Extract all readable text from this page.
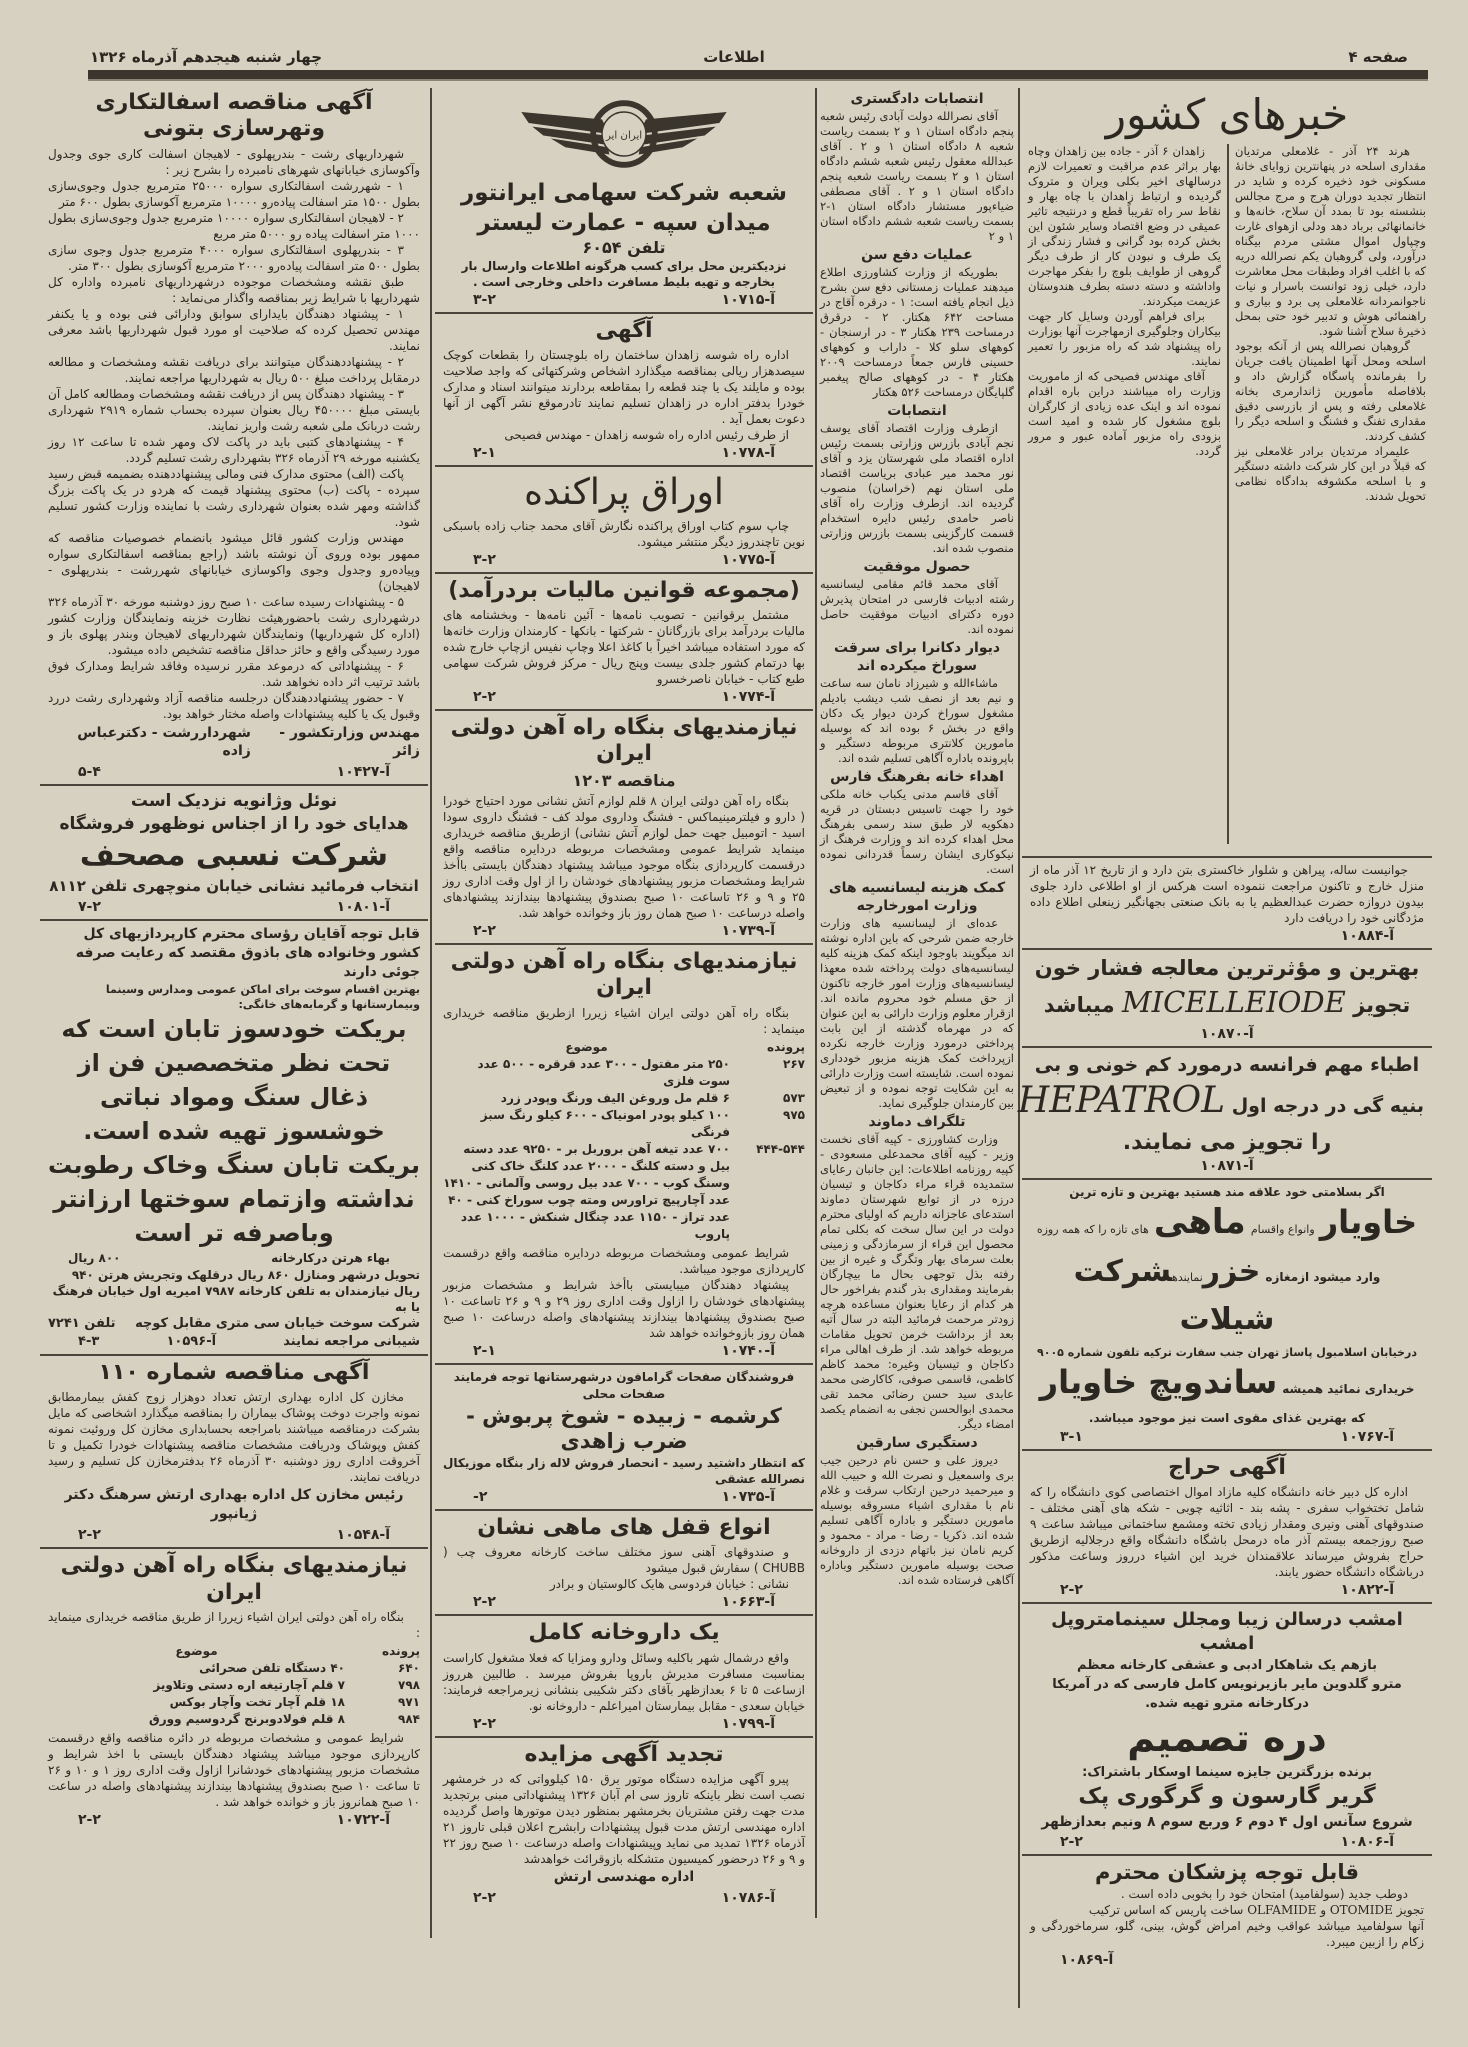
صفحه ۴
اطلاعات
چهار شنبه هیجدهم آذرماه ۱۳۲۶
خبرهای کشور

هرند ۲۴ آذر - غلامعلی مرتدیان مقداری اسلحه در پنهانترین زوایای خانهٔ مسکونی خود ذخیره کرده و شاید در انتظار تجدید دوران هرج و مرج مجالس بنشسته بود تا بمدد آن سلاح، خانه‌ها و خانمانهائی برباد دهد ودلی ازهوای غارت وچپاول اموال مشتی مردم بیگناه درآورد، ولی گروهبان یکم نصرالله دریه که با اغلب افراد وطبقات محل معاشرت دارد، خیلی زود توانست باسرار و نیات ناجوانمردانه غلامعلی پی برد و بیاری و راهنمائی هوش و تدبیر خود حتی بمحل ذخیرهٔ سلاح آشنا شود.

گروهبان نصرالله پس از آنکه بوجود اسلحه ومحل آنها اطمینان یافت جریان را بفرمانده پاسگاه گزارش داد و بلافاصله مأمورین ژاندارمری بخانه غلامعلی رفته و پس از بازرسی دقیق مقداری تفنگ و فشنگ و اسلحه دیگر را کشف کردند.

علیمراد مرتدیان برادر غلامعلی نیز که قبلاً در این کار شرکت داشته دستگیر و با اسلحه مکشوفه بدادگاه نظامی تحویل شدند.

زاهدان ۶ آذر - جاده بین زاهدان وچاه بهار براثر عدم مراقبت و تعمیرات لازم درسالهای اخیر بکلی ویران و متروک گردیده و ارتباط زاهدان با چاه بهار و نقاط سر راه تقریباً قطع و درنتیجه تاثیر عمیقی در وضع اقتصاد وسایر شئون این بخش کرده بود گرانی و فشار زندگی از یک طرف و نبودن کار از طرف دیگر گروهی از طوایف بلوچ را بفکر مهاجرت واداشته و دسته دسته بطرف هندوستان عزیمت میکردند.

برای فراهم آوردن وسایل کار جهت بیکاران وجلوگیری ازمهاجرت آنها بوزارت راه پیشنهاد شد که راه مزبور را تعمیر نمایند.

آقای مهندس فصیحی که از ماموریت وزارت راه میباشند دراین باره اقدام نموده اند و اینک عده زیادی از کارگران بلوچ مشغول کار شده و امید است بزودی راه مزبور آماده عبور و مرور گردد.

جوانیست ساله، پیراهن و شلوار خاکستری بتن دارد و از تاریخ ۱۲ آذر ماه از منزل خارج و تاکنون مراجعت ننموده است هرکس از او اطلاعی دارد جلوی بیدون دروازه حضرت عبدالعظیم یا به بانک صنعتی بجهانگیر زینعلی اطلاع داده مژدگانی خود را دریافت دارد

آ-۱۰۸۸۴
بهترین و مؤثرترین معالجه فشار خون
تجویز MICELLEIODE میباشد
آ-۱۰۸۷۰
اطباء مهم فرانسه درمورد کم خونی و بی
بنیه گی در درجه اول HEPATROL
را تجویز می نمایند.
آ-۱۰۸۷۱
اگر بسلامتی خود علاقه مند هستید بهترین و تازه ترین
خاویار وانواع واقسام ماهی های تازه را که همه روزه
وارد میشود ازمغازه خزرنمایندهشرکت شیلات
درخیابان اسلامبول پاساژ تهران جنب سفارت ترکیه تلفون شماره ۹۰۰۵
خریداری نمائید همیشه ساندویچ خاویار
که بهترین غذای مقوی است نیز موجود میباشد.
آ-۱۰۷۶۷
۳-۱
آگهی حراج

اداره کل دبیر خانه دانشگاه کلیه مازاد اموال اختصاصی کوی دانشگاه را که شامل تختخواب سفری - پشه بند - اثاثیه چوبی - شکه های آهنی مختلف - صندوقهای آهنی ونیری ومقدار زیادی تخته ومشمع ساختمانی میباشد ساعت ۹ صبح روزجمعه بیستم آذر ماه درمحل باشگاه دانشگاه واقع درجلالیه ازطریق حراج بفروش میرساند علاقمندان خرید این اشیاء درروز وساعت مذکور درباشگاه دانشگاه حضور یابند.

آ-۱۰۸۲۲
۲-۲
امشب درسالن زیبا ومجلل سینمامتروپل امشب
بازهم یک شاهکار ادبی و عشقی کارخانه معظم
مترو گلدوین مایر بازیرنویس کامل فارسی که در آمریکا
درکارخانه مترو تهیه شده.
دره تصمیم
برنده بزرگترین جایزه سینما اوسکار باشتراک:
گریر گارسون و گرگوری پک
شروع سآنس اول ۴ دوم ۶ وربع سوم ۸ ونیم بعدازظهر
آ-۱۰۸۰۶
۲-۲
قابل توجه پزشکان محترم
دوطب جدید (سولفامید) امتحان خود را بخوبی داده است .
تجویز OTOMIDE و OLFAMIDE ساخت پاریس که اساس ترکیب
آنها سولفامید میباشد عواقب وخیم امراض گوش، بینی، گلو، سرماخوردگی و زکام را ازبین میبرد.
آ-۱۰۸۶۹
انتصابات دادگستری

آقای نصرالله دولت آبادی رئیس شعبه پنجم دادگاه استان ۱ و ۲ بسمت ریاست شعبه ۸ دادگاه استان ۱ و ۲ . آقای عبدالله معقول رئیس شعبه ششم دادگاه استان ۱ و ۲ بسمت ریاست شعبه پنجم دادگاه استان ۱ و ۲ . آقای مصطفی ضیاءپور مستشار دادگاه استان ۱-۲ بسمت ریاست شعبه ششم دادگاه استان ۱ و ۲

عملیات دفع سن

بطوریکه از وزارت کشاورزی اطلاع میدهند عملیات زمستانی دفع سن بشرح ذیل انجام یافته است: ۱ - درقره آقاج در مساحت ۶۴۲ هکتار. ۲ - درقرق درمساحت ۲۳۹ هکتار ۳ - در ارسنجان - کوههای سلو کلا - داراب و کوههای حسینی فارس جمعاً درمساحت ۲۰۰۹ هکتار ۴ - در کوههای صالح پیغمبر گلپایگان درمساحت ۵۲۶ هکتار

انتصابات

ازطرف وزارت اقتصاد آقای یوسف نجم آبادی بازرس وزارتی بسمت رئیس اداره اقتصاد ملی شهرستان یزد و آقای نور محمد میر عبادی بریاست اقتصاد ملی استان نهم (خراسان) منصوب گردیده اند. ازطرف وزارت راه آقای ناصر حامدی رئیس دایره استخدام قسمت کارگزینی بسمت بازرس وزارتی منصوب شده اند.

حصول موفقیت

آقای محمد قائم مقامی لیسانسیه رشته ادبیات فارسی در امتحان پذیرش دوره دکترای ادبیات موفقیت حاصل نموده اند.

دیوار دکانرا برای سرقت سوراخ میکرده اند

ماشاءالله و شیرزاد نامان سه ساعت و نیم بعد از نصف شب دیشب بادیلم مشغول سوراخ کردن دیوار یک دکان واقع در بخش ۶ بوده اند که بوسیله مامورین کلانتری مربوطه دستگیر و باپرونده باداره آگاهی تسلیم شده اند.

اهداء خانه بفرهنگ فارس

آقای قاسم مدنی یکباب خانه ملکی خود را جهت تاسیس دبستان در قریه دهکویه لار طبق سند رسمی بفرهنگ محل اهداء کرده اند و وزارت فرهنگ از نیکوکاری ایشان رسماً قدردانی نموده است.

کمک هزینه لیسانسیه های وزارت امورخارجه

عده‌ای از لیسانسیه های وزارت خارجه ضمن شرحی که باین اداره نوشته اند میگویند باوجود اینکه کمک هزینه کلیه لیسانسیه‌های دولت پرداخته شده معهذا لیسانسیه‌های وزارت امور خارجه تاکنون از حق مسلم خود محروم مانده اند. ازقرار معلوم وزارت دارائی به این عنوان که در مهرماه گذشته از این بابت پرداختی درمورد وزارت خارجه نکرده ازپرداخت کمک هزینه مزبور خودداری نموده است. شایسته است وزارت دارائی به این شکایت توجه نموده و از تبعیض بین کارمندان جلوگیری نماید.

تلگراف دماوند

وزارت کشاورزی - کپیه آقای نخست وزیر - کپیه آقای محمدعلی مسعودی - کپیه روزنامه اطلاعات: این جانبان رعایای ستمدیده قراء مراء دکاجان و تیسیان درزه در از توابع شهرستان دماوند استدعای عاجزانه داریم که اولیای محترم دولت در این سال سخت که بکلی تمام محصول این قراء از سرمازدگی و زمینی بعلت سرمای بهار وتگرگ و غیره از بین رفته بذل توجهی بحال ما بیچارگان بفرمایند ومقداری بذر گندم بفراخور حال هر کدام از رعایا بعنوان مساعده هرچه زودتر مرحمت فرمائید البته در سال آتیه بعد از برداشت خرمن تحویل مقامات مربوطه خواهد شد. از طرف اهالی مراء دکاجان و تیسیان وغیره: محمد کاظم کاظمی، قاسمی صوفی، کاکارضی محمد عابدی سید حسن رضائی محمد تقی محمدی ابوالحسن نجفی به انضمام یکصد امضاء دیگر.

دستگیری سارقین

دیروز علی و حسن نام درحین جیب بری واسمعیل و نصرت الله و حبیب الله و میرحمید درحین ارتکاب سرقت و غلام نام با مقداری اشیاء مسروقه بوسیله مامورین دستگیر و باداره آگاهی تسلیم شده اند. ذکریا - رضا - مراد - محمود و کریم نامان نیز باتهام دزدی از داروخانه صحت بوسیله مامورین دستگیر وباداره آگاهی فرستاده شده اند.

ایران ایر
شعبه شرکت سهامی ایرانتور
میدان سپه - عمارت لیستر
تلفن ۶۰۵۴
نزدیکترین محل برای کسب هرگونه اطلاعات وارسال بار بخارجه و تهیه بلیط مسافرت داخلی وخارجی است .
آ-۱۰۷۱۵
۳-۲
آگهی

اداره راه شوسه زاهدان ساختمان راه بلوچستان را بقطعات کوچک سیصدهزار ریالی بمناقصه میگذارد اشخاص وشرکتهائی که واجد صلاحیت بوده و مایلند یک یا چند قطعه را بمقاطعه بردارند میتوانند اسناد و مدارک خودرا بدفتر اداره در زاهدان تسلیم نمایند تادرموقع نشر آگهی از آنها دعوت بعمل آید .

از طرف رئیس اداره راه شوسه زاهدان - مهندس فصیحی

آ-۱۰۷۷۸
۲-۱
اوراق پراکنده

چاپ سوم کتاب اوراق پراکنده نگارش آقای محمد جناب زاده باسبکی نوین تاچندروز دیگر منتشر میشود.

آ-۱۰۷۷۵
۳-۲
(مجموعه قوانین مالیات بردرآمد)

مشتمل برقوانین - تصویب نامه‌ها - آئین نامه‌ها - وبخشنامه های مالیات بردرآمد برای بازرگانان - شرکتها - بانکها - کارمندان وزارت خانه‌ها که مورد استفاده میباشد اخیراً با کاغذ اعلا وچاپ نفیس ازچاپ خارج شده بها درتمام کشور جلدی بیست وپنج ریال - مرکز فروش شرکت سهامی طبع کتاب - خیابان ناصرخسرو

آ-۱۰۷۷۴
۲-۲
نیازمندیهای بنگاه راه آهن دولتی ایران
مناقصه ۱۲۰۳

بنگاه راه آهن دولتی ایران ۸ قلم لوازم آتش نشانی مورد احتیاج خودرا ( دارو و فیلترمینیماکس - فشنگ وداروی مولد کف - فشنگ داروی سودا اسید - اتومبیل جهت حمل لوازم آتش نشانی) ازطریق مناقصه خریداری مینماید شرایط عمومی ومشخصات مربوطه دردایره مناقصه واقع درقسمت کارپردازی بنگاه موجود میباشد پیشنهاد دهندگان بایستی باأخذ شرایط ومشخصات مزبور پیشنهادهای خودشان را از اول وقت اداری روز ۲۵ و ۹ و ۲۶ تاساعت ۱۰ صبح بصندوق پیشنهادها بیندازند پیشنهادهای واصله درساعت ۱۰ صبح همان روز باز وخوانده خواهد شد.

آ-۱۰۷۳۹
۲-۲
نیازمندیهای بنگاه راه آهن دولتی ایران

بنگاه راه آهن دولتی ایران اشیاء زیررا ازطریق مناقصه خریداری مینماید :

پرونده
موضوع
۲۶۷
۲۵۰ متر مفتول - ۳۰۰ عدد قرقره - ۵۰۰ عدد سوت فلزی
۵۷۳
۶ قلم مل وروغن الیف ورنگ وپودر زرد
۹۷۵
۱۰۰ کیلو پودر امونیاک - ۶۰۰ کیلو رنگ سبز فرنگی
۴۴۴-۵۴۴
۷۰۰ عدد تیغه آهن بروربل بر - ۹۲۵۰ عدد دسته بیل و دسته کلنگ - ۲۰۰۰ عدد کلنگ خاک کنی وسنگ کوب - ۷۰۰ عدد بیل روسی وآلمانی - ۱۴۱۰ عدد آچارپیچ تراورس ومته چوب سوراخ کنی - ۴۰ عدد تراز - ۱۱۵۰ عدد چنگال شنکش - ۱۰۰۰ عدد پاروب

شرایط عمومی ومشخصات مربوطه دردایره مناقصه واقع درقسمت کارپردازی موجود میباشد.

پیشنهاد دهندگان میبایستی باأخذ شرایط و مشخصات مزبور پیشنهادهای خودشان را ازاول وقت اداری روز ۲۹ و ۹ و ۲۶ تاساعت ۱۰ صبح بصندوق پیشنهادها بیندازند پیشنهادهای واصله درساعت ۱۰ صبح همان روز بازوخوانده خواهد شد

آ-۱۰۷۴۰
۲-۱
فروشندگان صفحات گرامافون درشهرستانها توجه فرمایند صفحات محلی
کرشمه - زبیده - شوخ پربوش - ضرب زاهدی
که انتظار داشتید رسید - انحصار فروش لاله زار بنگاه موزیکال نصرالله عشقی
آ-۱۰۷۳۵
۲-
انواع قفل های ماهی نشان

و صندوقهای آهنی سوز مختلف ساخت کارخانه معروف چب ( CHUBB ) سفارش قبول میشود

نشانی : خیابان فردوسی هایک کالوستیان و برادر

آ-۱۰۶۶۳
۲-۲
یک داروخانه کامل

واقع درشمال شهر باکلیه وسائل ودارو ومزایا که فعلا مشغول کاراست بمناسبت مسافرت مدیرش باروپا بفروش میرسد . طالبین هرروز ازساعت ۵ تا ۶ بعدازظهر بآقای دکتر شکیبی بنشانی زیرمراجعه فرمایند: خیابان سعدی - مقابل بیمارستان امیراعلم - داروخانه نو.

آ-۱۰۷۹۹
۲-۲
تجدید آگهی مزایده

پیرو آگهی مزایده دستگاه موتور برق ۱۵۰ کیلوواتی که در خرمشهر نصب است نظر باینکه تاروز سی ام آبان ۱۳۲۶ پیشنهاداتی مبنی برتجدید مدت جهت رفتن مشتریان بخرمشهر بمنظور دیدن موتورها واصل گردیده اداره مهندسی ارتش مدت قبول پیشنهادات رابشرح اعلان قبلی تاروز ۲۱ آذرماه ۱۳۲۶ تمدید می نماید وپیشنهادات واصله درساعت ۱۰ صبح روز ۲۲ و ۹ و ۲۶ درحضور کمیسیون متشکله بازوقرائت خواهدشد

اداره مهندسی ارتش
آ-۱۰۷۸۶
۲-۲
آگهی مناقصه اسفالتکاری وتهرسازی بتونی

شهرداریهای رشت - بندرپهلوی - لاهیجان اسفالت کاری جوی وجدول وآکوسازی خیابانهای شهرهای نامبرده را بشرح زیر :

۱ - شهررشت اسفالتکاری سواره ۲۵۰۰۰ مترمربع جدول وجوی‌سازی بطول ۱۵۰۰ متر اسفالت پیاده‌رو ۱۰۰۰۰ مترمربع آکوسازی بطول ۶۰۰ متر

۲ - لاهیجان اسفالتکاری سواره ۱۰۰۰۰ مترمربع جدول وجوی‌سازی بطول ۱۰۰۰ متر اسفالت پیاده رو ۵۰۰۰ متر مربع

۳ - بندرپهلوی اسفالتکاری سواره ۴۰۰۰ مترمربع جدول وجوی سازی بطول ۵۰۰ متر اسفالت پیاده‌رو ۲۰۰۰ مترمربع آکوسازی بطول ۳۰۰ متر.

طبق نقشه ومشخصات موجوده درشهرداریهای نامبرده واداره کل شهرداریها با شرایط زیر بمناقصه واگذار می‌نماید :

۱ - پیشنهاد دهندگان بایدارای سوابق ودارائی فنی بوده و یا یکنفر مهندس تحصیل کرده که صلاحیت او مورد قبول شهرداریها باشد معرفی نمایند.

۲ - پیشنهاددهندگان میتوانند برای دریافت نقشه ومشخصات و مطالعه درمقابل پرداخت مبلغ ۵۰۰ ریال به شهرداریها مراجعه نمایند.

۳ - پیشنهاد دهندگان پس از دریافت نقشه ومشخصات ومطالعه کامل آن بایستی مبلغ ۴۵۰۰۰۰ ریال بعنوان سپرده بحساب شماره ۲۹۱۹ شهرداری رشت دربانک ملی شعبه رشت واریز نمایند.

۴ - پیشنهادهای کتبی باید در پاکت لاک ومهر شده تا ساعت ۱۲ روز یکشنبه مورخه ۲۹ آذرماه ۳۲۶ بشهرداری رشت تسلیم گردد.

پاکت (الف) محتوی مدارک فنی ومالی پیشنهاددهنده بضمیمه قبض رسید سپرده - پاکت (ب) محتوی پیشنهاد قیمت که هردو در یک پاکت بزرگ گذاشته ومهر شده بعنوان شهرداری رشت با نماینده وزارت کشور تسلیم شود.

مهندس وزارت کشور قائل میشود بانضمام خصوصیات مناقصه که ممهور بوده وروی آن نوشته باشد (راجع بمناقصه اسفالتکاری سواره وپیاده‌رو وجدول وجوی واکوسازی خیابانهای شهررشت - بندرپهلوی - لاهیجان)

۵ - پیشنهادات رسیده ساعت ۱۰ صبح روز دوشنبه مورخه ۳۰ آذرماه ۳۲۶ درشهرداری رشت باحضورهیئت نظارت خزینه ونمایندگان وزارت کشور (اداره کل شهرداریها) ونمایندگان شهرداریهای لاهیجان وبندر پهلوی باز و مورد رسیدگی واقع و حائز حداقل مناقصه تشخیص داده میشود.

۶ - پیشنهاداتی که درموعد مقرر نرسیده وفاقد شرایط ومدارک فوق باشد ترتیب اثر داده نخواهد شد.

۷ - حضور پیشنهاددهندگان درجلسه مناقصه آزاد وشهرداری رشت دررد وقبول یک یا کلیه پیشنهادات واصله مختار خواهد بود.

مهندس وزارتکشور - زائر
شهرداررشت - دکترعباس زاده
آ-۱۰۴۲۷
۵-۴
نوئل وژانویه نزدیک است
هدایای خود را از اجناس نوظهور فروشگاه
شرکت نسبی مصحف
انتخاب فرمائید نشانی خیابان منوچهری تلفن ۸۱۱۲
آ-۱۰۸۰۱
۷-۲
قابل توجه آقایان رؤسای محترم کارپردازیهای کل کشور وخانواده های باذوق مقتصد که رعایت صرفه جوئی دارند
بهترین اقسام سوخت برای اماکن عمومی ومدارس وسینما وبیمارستانها و گرمابه‌های خانگی:
بریکت خودسوز تابان است که تحت نظر متخصصین فن از ذغال سنگ ومواد نباتی خوشسوز تهیه شده است.
بریکت تابان سنگ وخاک رطوبت نداشته وازتمام سوختها ارزانتر وباصرفه تر است
بهاء هرتن درکارخانه
۸۰۰ ریال
تحویل درشهر ومنازل ۸۶۰ ریال درقلهک وتجریش هرتن ۹۴۰ ریال نیازمندان به تلفن کارخانه ۷۹۸۷ امیریه اول خیابان فرهنگ یا به
شرکت سوخت خیابان سی متری مقابل کوچه
تلفن ۷۲۴۱
شیبانی مراجعه نمایند
آ-۱۰۵۹۶
۴-۳
آگهی مناقصه شماره ۱۱۰

مخازن کل اداره بهداری ارتش تعداد دوهزار زوج کفش بیمارمطابق نمونه واجرت دوخت پوشاک بیماران را بمناقصه میگذارد اشخاصی که مایل بشرکت درمناقصه میباشند بامراجعه بحسابداری مخازن کل وروئیت نمونه کفش وپوشاک ودریافت مشخصات مناقصه پیشنهادات خودرا تکمیل و تا آخروقت اداری روز دوشنبه ۳۰ آذرماه ۲۶ بدفترمخازن کل تسلیم و رسید دریافت نمایند.

رئیس مخازن کل اداره بهداری ارتش سرهنگ دکتر ژیانپور
آ-۱۰۵۴۸
۲-۲
نیازمندیهای بنگاه راه آهن دولتی ایران

بنگاه راه آهن دولتی ایران اشیاء زیررا از طریق مناقصه خریداری مینماید :

پرونده
موضوع
۶۴۰
۴۰ دستگاه تلفن صحرائی
۷۹۸
۷ قلم آچارتیغه اره دستی وتلاویز
۹۷۱
۱۸ قلم آچار تخت وآچار بوکس
۹۸۴
۸ قلم فولادوبرنج گردوسیم وورق

شرایط عمومی و مشخصات مربوطه در دائره مناقصه واقع درقسمت کارپردازی موجود میباشد پیشنهاد دهندگان بایستی با اخذ شرایط و مشخصات مزبور پیشنهادهای خودشانرا ازاول وقت اداری روز ۱ و ۱۰ و ۲۶ تا ساعت ۱۰ صبح بصندوق پیشنهادها بیندازند پیشنهادهای واصله در ساعت ۱۰ صبح همانروز باز و خوانده خواهد شد .

آ-۱۰۷۲۲
۲-۲
